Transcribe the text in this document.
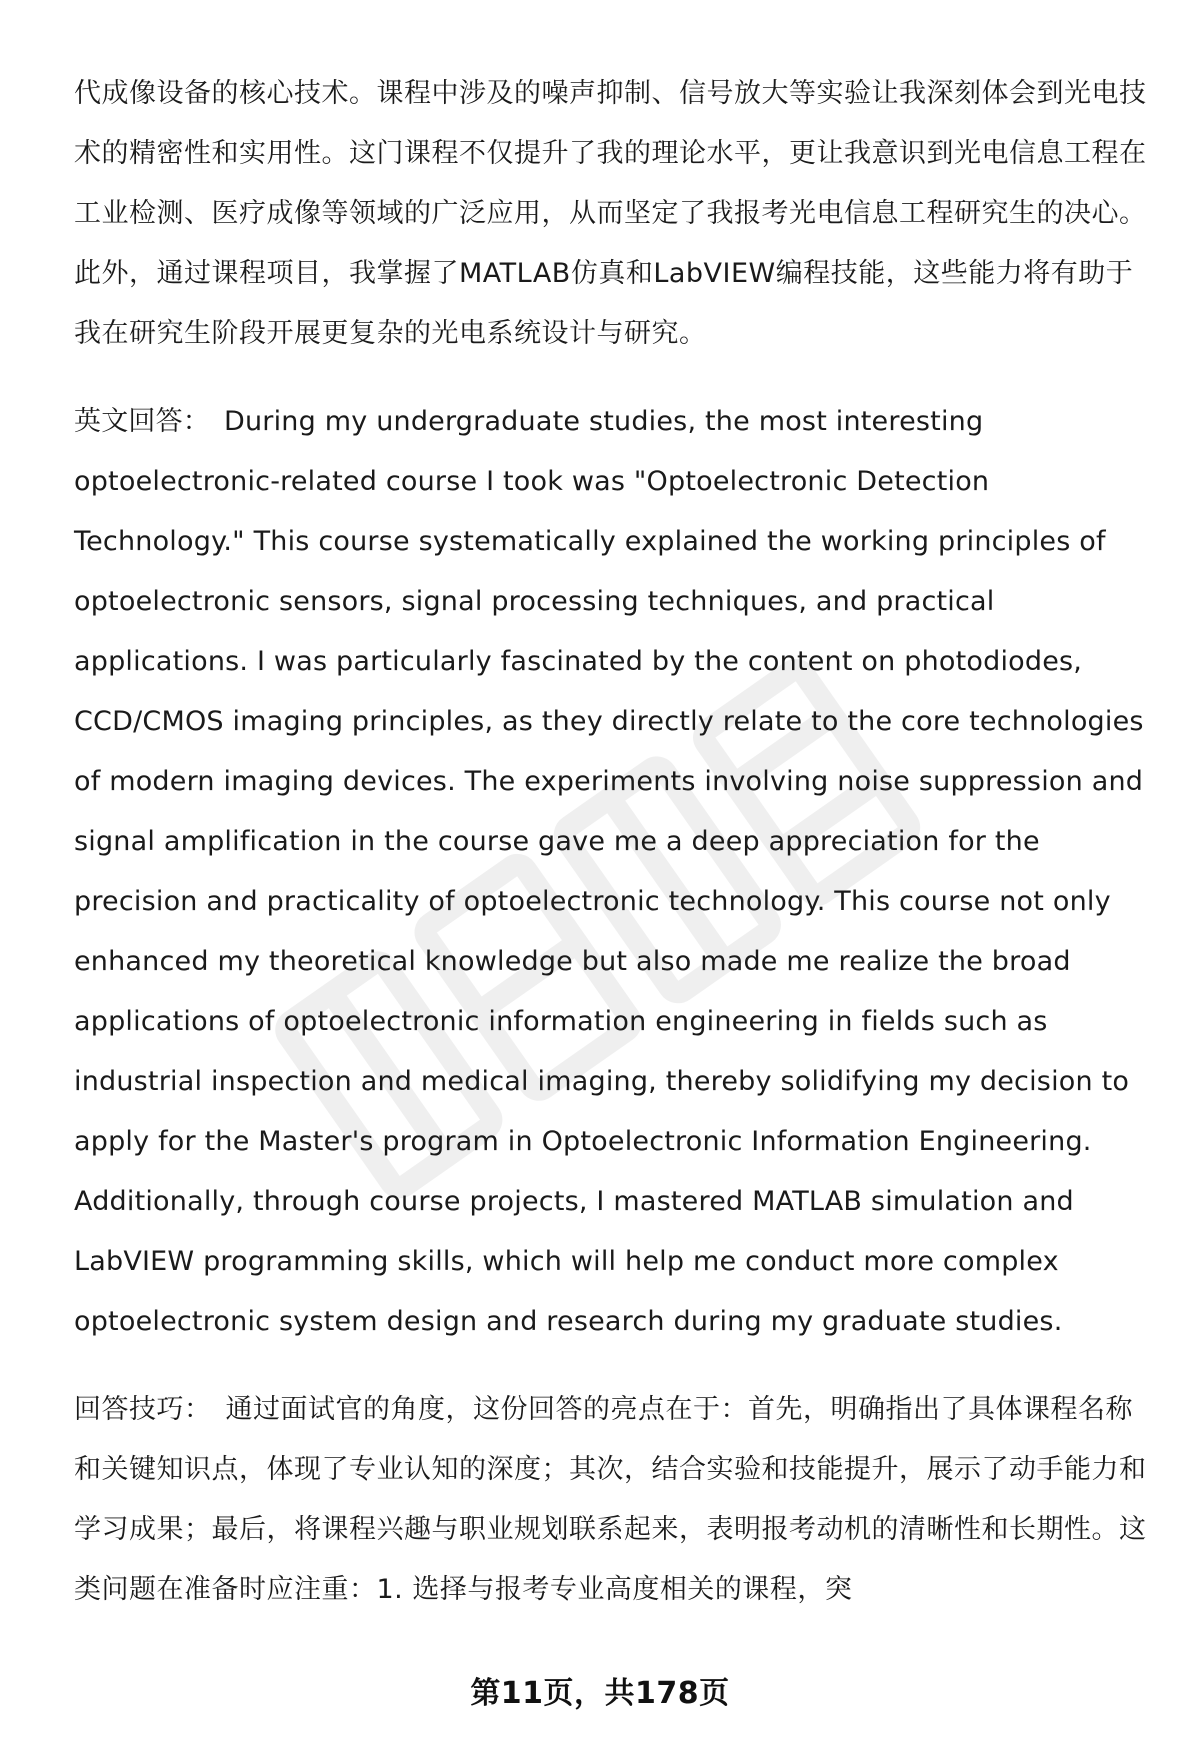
代成像设备的核心技术。课程中涉及的噪声抑制、信号放大等实验让我深刻体会到光电技术的精密性和实用性。这门课程不仅提升了我的理论水平，更让我意识到光电信息工程在工业检测、医疗成像等领域的广泛应用，从而坚定了我报考光电信息工程研究生的决心。此外，通过课程项目，我掌握了MATLAB仿真和LabVIEW编程技能，这些能力将有助于我在研究生阶段开展更复杂的光电系统设计与研究。

英文回答： During my undergraduate studies, the most interesting optoelectronic-related course I took was "Optoelectronic Detection Technology." This course systematically explained the working principles of optoelectronic sensors, signal processing techniques, and practical applications. I was particularly fascinated by the content on photodiodes, CCD/CMOS imaging principles, as they directly relate to the core technologies of modern imaging devices. The experiments involving noise suppression and signal amplification in the course gave me a deep appreciation for the precision and practicality of optoelectronic technology. This course not only enhanced my theoretical knowledge but also made me realize the broad applications of optoelectronic information engineering in fields such as industrial inspection and medical imaging, thereby solidifying my decision to apply for the Master's program in Optoelectronic Information Engineering. Additionally, through course projects, I mastered MATLAB simulation and LabVIEW programming skills, which will help me conduct more complex optoelectronic system design and research during my graduate studies.

回答技巧： 通过面试官的角度，这份回答的亮点在于：首先，明确指出了具体课程名称和关键知识点，体现了专业认知的深度；其次，结合实验和技能提升，展示了动手能力和学习成果；最后，将课程兴趣与职业规划联系起来，表明报考动机的清晰性和长期性。这类问题在准备时应注重：1. 选择与报考专业高度相关的课程，突

第11页，共178页
